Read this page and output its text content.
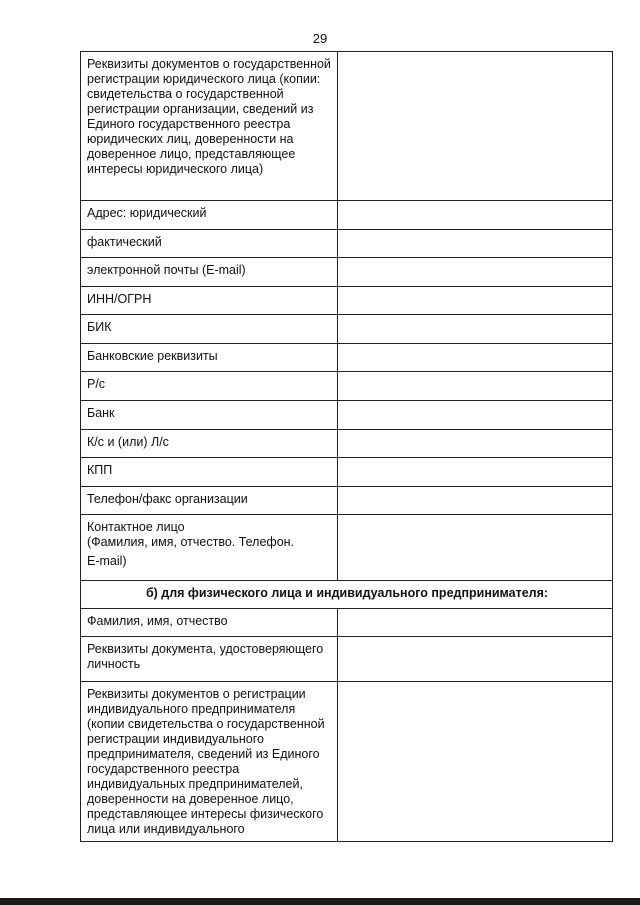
29
Реквизиты документов о государственной регистрации юридического лица (копии: свидетельства о государственной регистрации организации, сведений из Единого государственного реестра юридических лиц, доверенности на доверенное лицо, представляющее интересы юридического лица)	
Адрес: юридический	
фактический	
электронной почты (E-mail)	
ИНН/ОГРН	
БИК	
Банковские реквизиты	
Р/с	
Банк	
К/с и (или) Л/с	
КПП	
Телефон/факс организации	

Контактное лицо
(Фамилия, имя, отчество. Телефон.
E-mail)	

б) для физического лица и индивидуального предпринимателя:	
Фамилия, имя, отчество	
Реквизиты документа, удостоверяющего личность	
Реквизиты документов о регистрации индивидуального предпринимателя (копии свидетельства о государственной регистрации индивидуального предпринимателя, сведений из Единого государственного реестра индивидуальных предпринимателей, доверенности на доверенное лицо, представляющее интересы физического лица или индивидуального	
